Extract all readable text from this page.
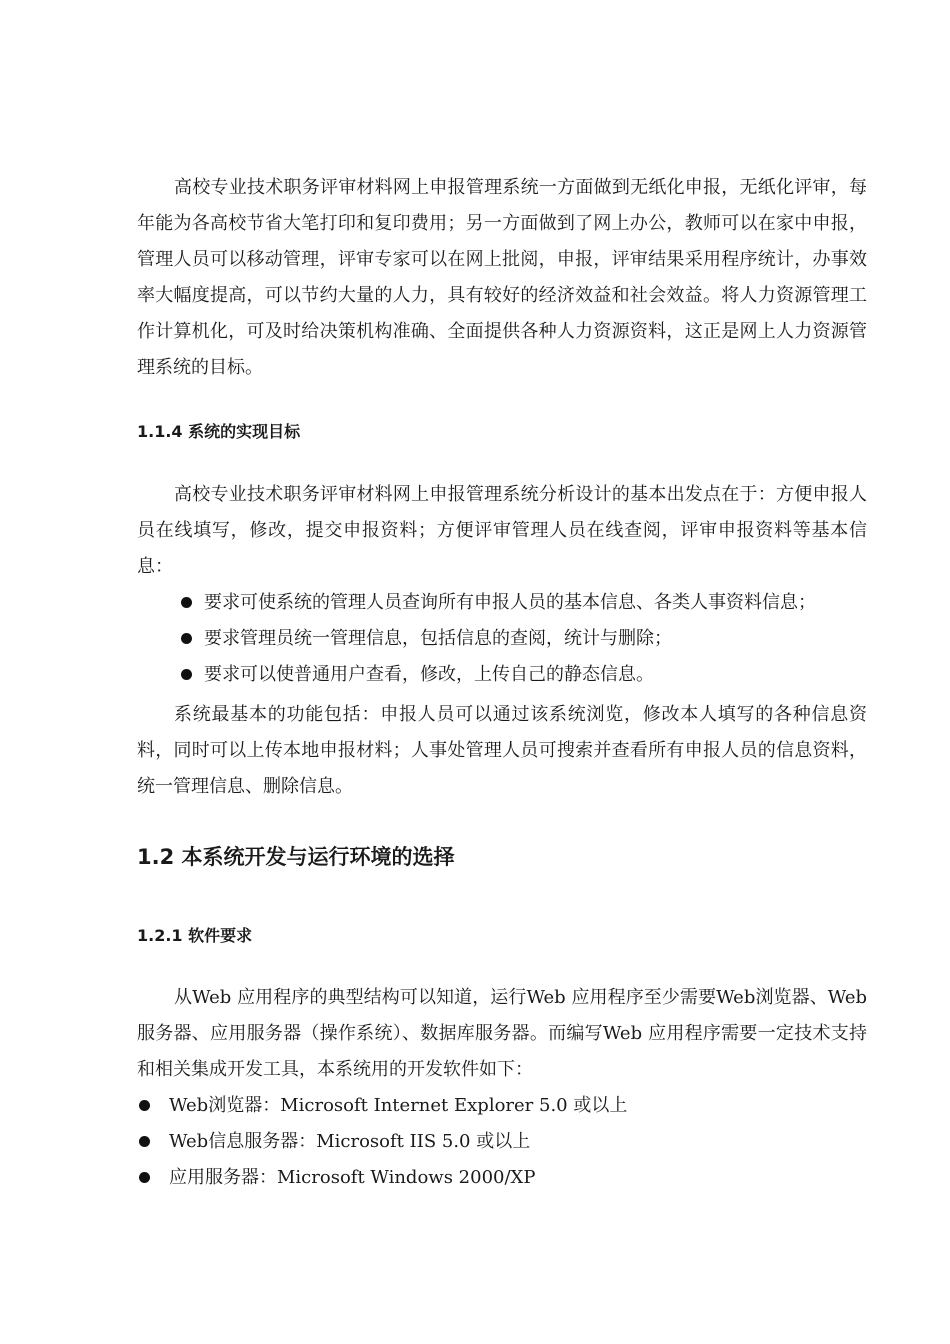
高校专业技术职务评审材料网上申报管理系统一方面做到无纸化申报，无纸化评审，每年能为各高校节省大笔打印和复印费用；另一方面做到了网上办公，教师可以在家中申报，管理人员可以移动管理，评审专家可以在网上批阅，申报，评审结果采用程序统计，办事效率大幅度提高，可以节约大量的人力，具有较好的经济效益和社会效益。将人力资源管理工作计算机化，可及时给决策机构准确、全面提供各种人力资源资料，这正是网上人力资源管理系统的目标。

1.1.4 系统的实现目标

高校专业技术职务评审材料网上申报管理系统分析设计的基本出发点在于：方便申报人员在线填写，修改，提交申报资料；方便评审管理人员在线查阅，评审申报资料等基本信息：

要求可使系统的管理人员查询所有申报人员的基本信息、各类人事资料信息；
要求管理员统一管理信息，包括信息的查阅，统计与删除；
要求可以使普通用户查看，修改，上传自己的静态信息。

系统最基本的功能包括：申报人员可以通过该系统浏览，修改本人填写的各种信息资料，同时可以上传本地申报材料；人事处管理人员可搜索并查看所有申报人员的信息资料，统一管理信息、删除信息。

1.2 本系统开发与运行环境的选择
1.2.1 软件要求

从Web 应用程序的典型结构可以知道，运行Web 应用程序至少需要Web浏览器、Web 服务器、应用服务器（操作系统）、数据库服务器。而编写Web 应用程序需要一定技术支持和相关集成开发工具，本系统用的开发软件如下：

Web浏览器：Microsoft Internet Explorer 5.0 或以上
Web信息服务器：Microsoft IIS 5.0 或以上
应用服务器：Microsoft Windows 2000/XP
